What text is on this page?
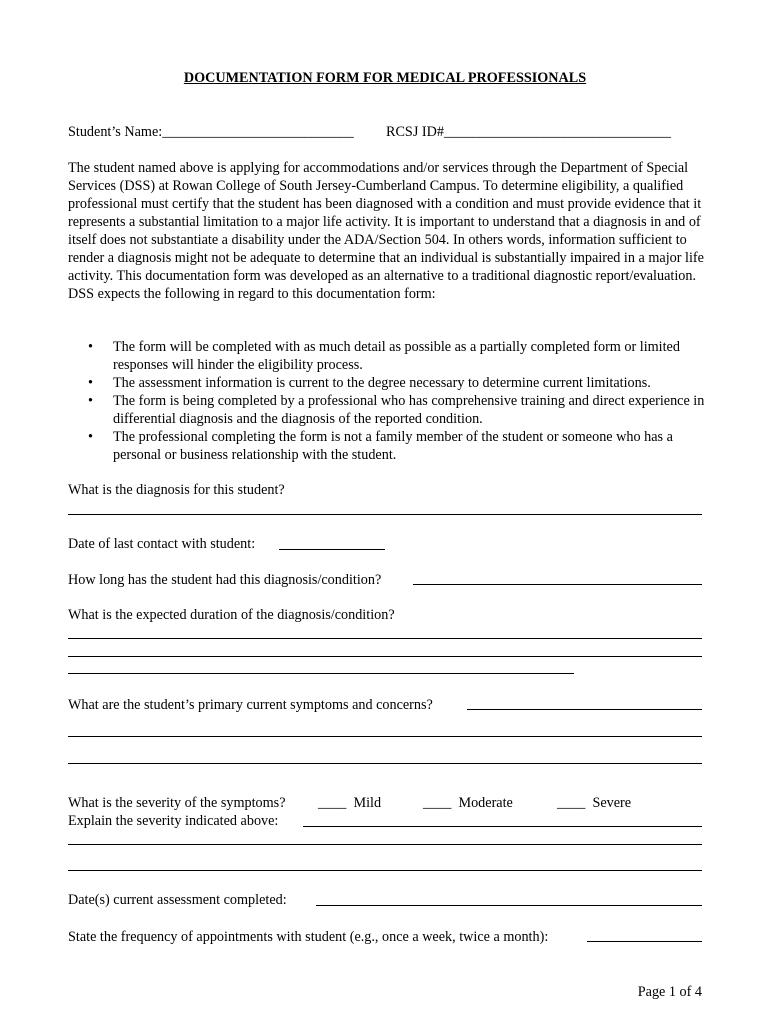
DOCUMENTATION FORM FOR MEDICAL PROFESSIONALS
Student’s Name:___________________________ RCSJ ID#________________________________
The student named above is applying for accommodations and/or services through the Department of Special Services (DSS) at Rowan College of South Jersey-Cumberland Campus. To determine eligibility, a qualified professional must certify that the student has been diagnosed with a condition and must provide evidence that it represents a substantial limitation to a major life activity. It is important to understand that a diagnosis in and of itself does not substantiate a disability under the ADA/Section 504. In others words, information sufficient to render a diagnosis might not be adequate to determine that an individual is substantially impaired in a major life activity. This documentation form was developed as an alternative to a traditional diagnostic report/evaluation. DSS expects the following in regard to this documentation form:
• The form will be completed with as much detail as possible as a partially completed form or limited responses will hinder the eligibility process.
• The assessment information is current to the degree necessary to determine current limitations.
• The form is being completed by a professional who has comprehensive training and direct experience in differential diagnosis and the diagnosis of the reported condition.
• The professional completing the form is not a family member of the student or someone who has a personal or business relationship with the student.
What is the diagnosis for this student?
Date of last contact with student:
How long has the student had this diagnosis/condition?
What is the expected duration of the diagnosis/condition?
What are the student’s primary current symptoms and concerns?
What is the severity of the symptoms? ____ Mild	____ Moderate	____ Severe
Explain the severity indicated above:
Date(s) current assessment completed:
State the frequency of appointments with student (e.g., once a week, twice a month):
Page 1 of 4
